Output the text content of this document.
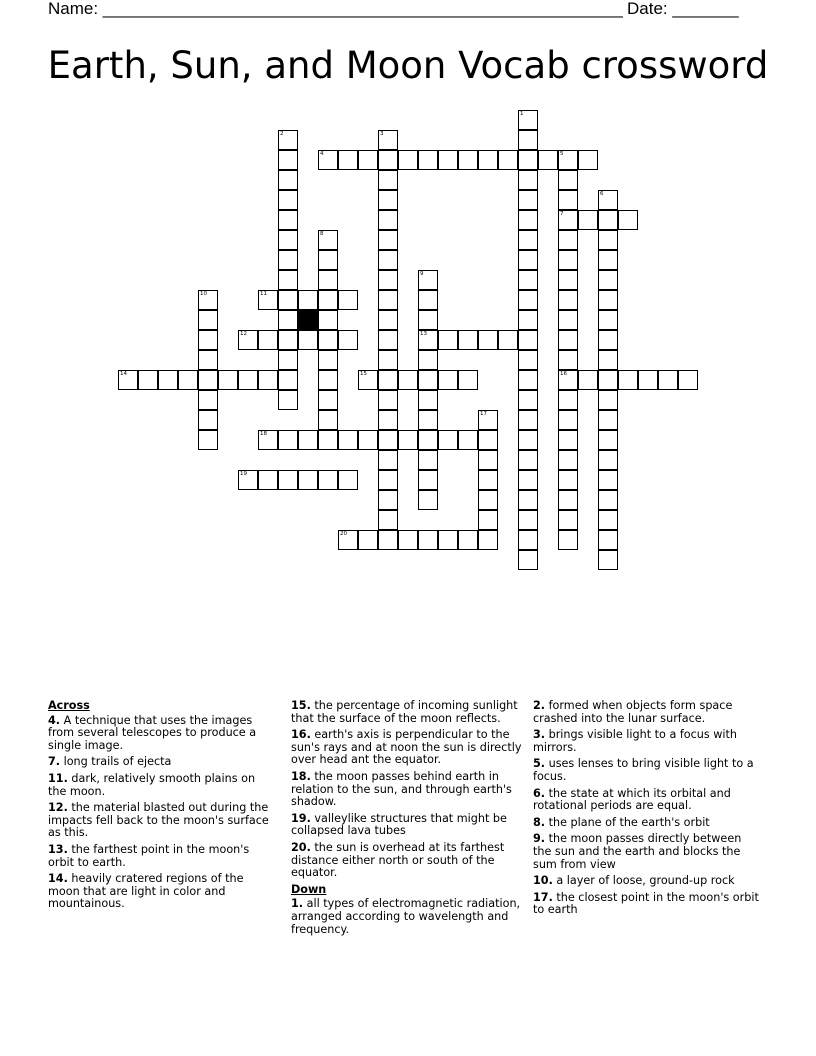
Name: _______________________________________________________ Date: _______
Earth, Sun, and Moon Vocab crossword
1
2	3
4	5
7
16
6
8
9
13
10	11
12
14	15
17
18
19
20
Across
4. A technique that uses the images from several telescopes to produce a single image.
7. long trails of ejecta
11. dark, relatively smooth plains on the moon.
12. the material blasted out during the impacts fell back to the moon's surface as this.
13. the farthest point in the moon's orbit to earth.
14. heavily cratered regions of the moon that are light in color and mountainous.
15. the percentage of incoming sunlight that the surface of the moon reflects.
16. earth's axis is perpendicular to the sun's rays and at noon the sun is directly over head ant the equator.
18. the moon passes behind earth in relation to the sun, and through earth's shadow.
19. valleylike structures that might be collapsed lava tubes
20. the sun is overhead at its farthest distance either north or south of the equator.
Down
1. all types of electromagnetic radiation, arranged according to wavelength and frequency.
2. formed when objects form space crashed into the lunar surface.
3. brings visible light to a focus with mirrors.
5. uses lenses to bring visible light to a focus.
6. the state at which its orbital and rotational periods are equal.
8. the plane of the earth's orbit
9. the moon passes directly between the sun and the earth and blocks the sum from view
10. a layer of loose, ground-up rock
17. the closest point in the moon's orbit to earth
